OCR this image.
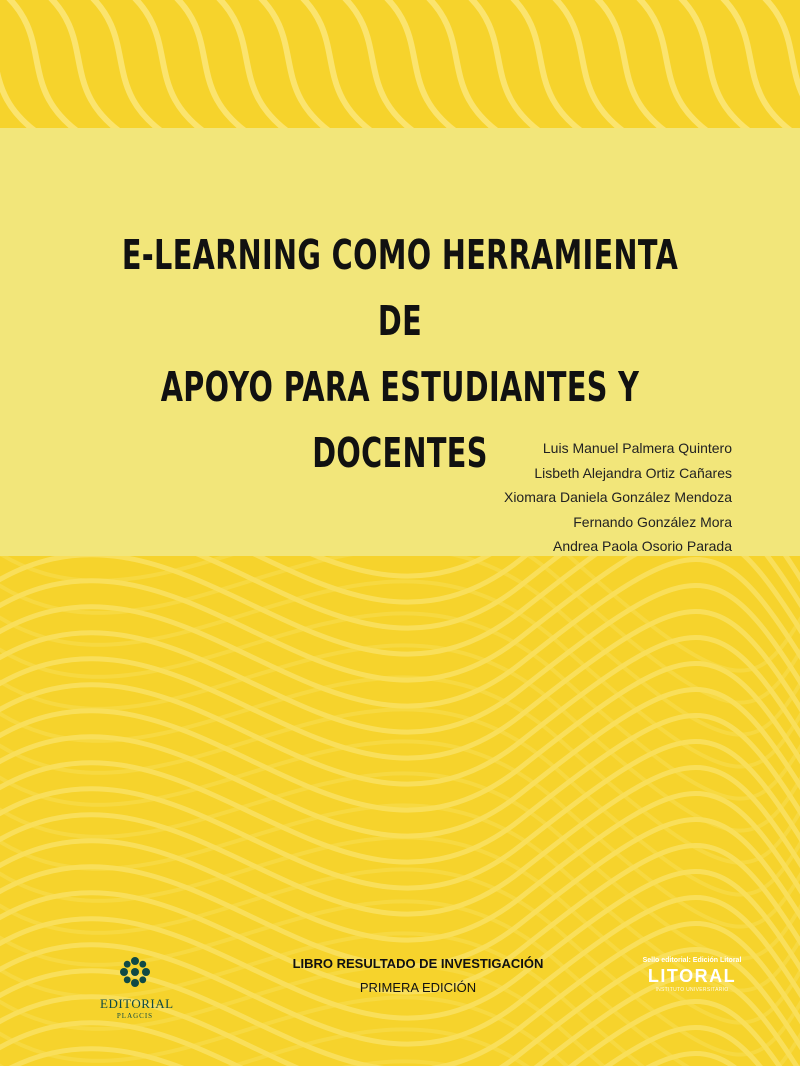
E-LEARNING COMO HERRAMIENTA DE
APOYO PARA ESTUDIANTES Y DOCENTES	Luis Manuel Palmera Quintero
Lisbeth Alejandra Ortiz Cañares
Xiomara Daniela González Mendoza
Fernando González Mora
Andrea Paola Osorio Parada
EDITORIAL
PLAGCIS
LIBRO RESULTADO DE INVESTIGACIÓN
PRIMERA EDICIÓN
Sello editorial: Edición Litoral
LITORAL
INSTITUTO UNIVERSITARIO
